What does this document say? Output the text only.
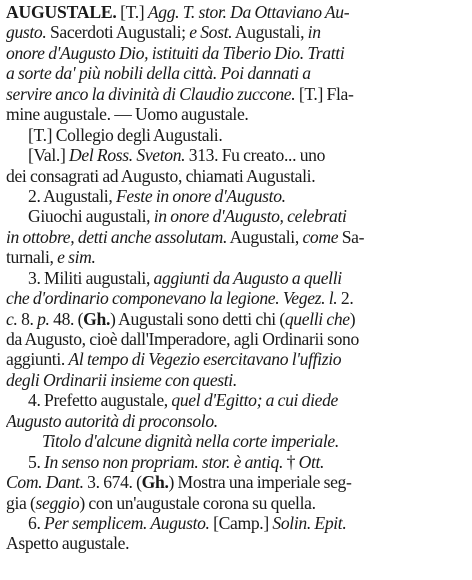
AUGUSTALE. [T.] Agg. T. stor. Da Ottaviano Au-
gusto. Sacerdoti Augustali; e Sost. Augustali, in
onore d'Augusto Dio, istituiti da Tiberio Dio. Tratti
a sorte da' più nobili della città. Poi dannati a
servire anco la divinità di Claudio zuccone. [T.] Fla-
mine augustale. — Uomo augustale.
[T.] Collegio degli Augustali.
[Val.] Del Ross. Sveton. 313. Fu creato... uno
dei consagrati ad Augusto, chiamati Augustali.
2. Augustali, Feste in onore d'Augusto.
Giuochi augustali, in onore d'Augusto, celebrati
in ottobre, detti anche assolutam. Augustali, come Sa-
turnali, e sim.
3. Militi augustali, aggiunti da Augusto a quelli
che d'ordinario componevano la legione. Vegez. l. 2.
c. 8. p. 48. (Gh.) Augustali sono detti chi (quelli che)
da Augusto, cioè dall'Imperadore, agli Ordinarii sono
aggiunti. Al tempo di Vegezio esercitavano l'uffizio
degli Ordinarii insieme con questi.
4. Prefetto augustale, quel d'Egitto; a cui diede
Augusto autorità di proconsolo.
Titolo d'alcune dignità nella corte imperiale.
5. In senso non propriam. stor. è antiq. † Ott.
Com. Dant. 3. 674. (Gh.) Mostra una imperiale seg-
gia (seggio) con un'augustale corona su quella.
6. Per semplicem. Augusto. [Camp.] Solin. Epit.
Aspetto augustale.
